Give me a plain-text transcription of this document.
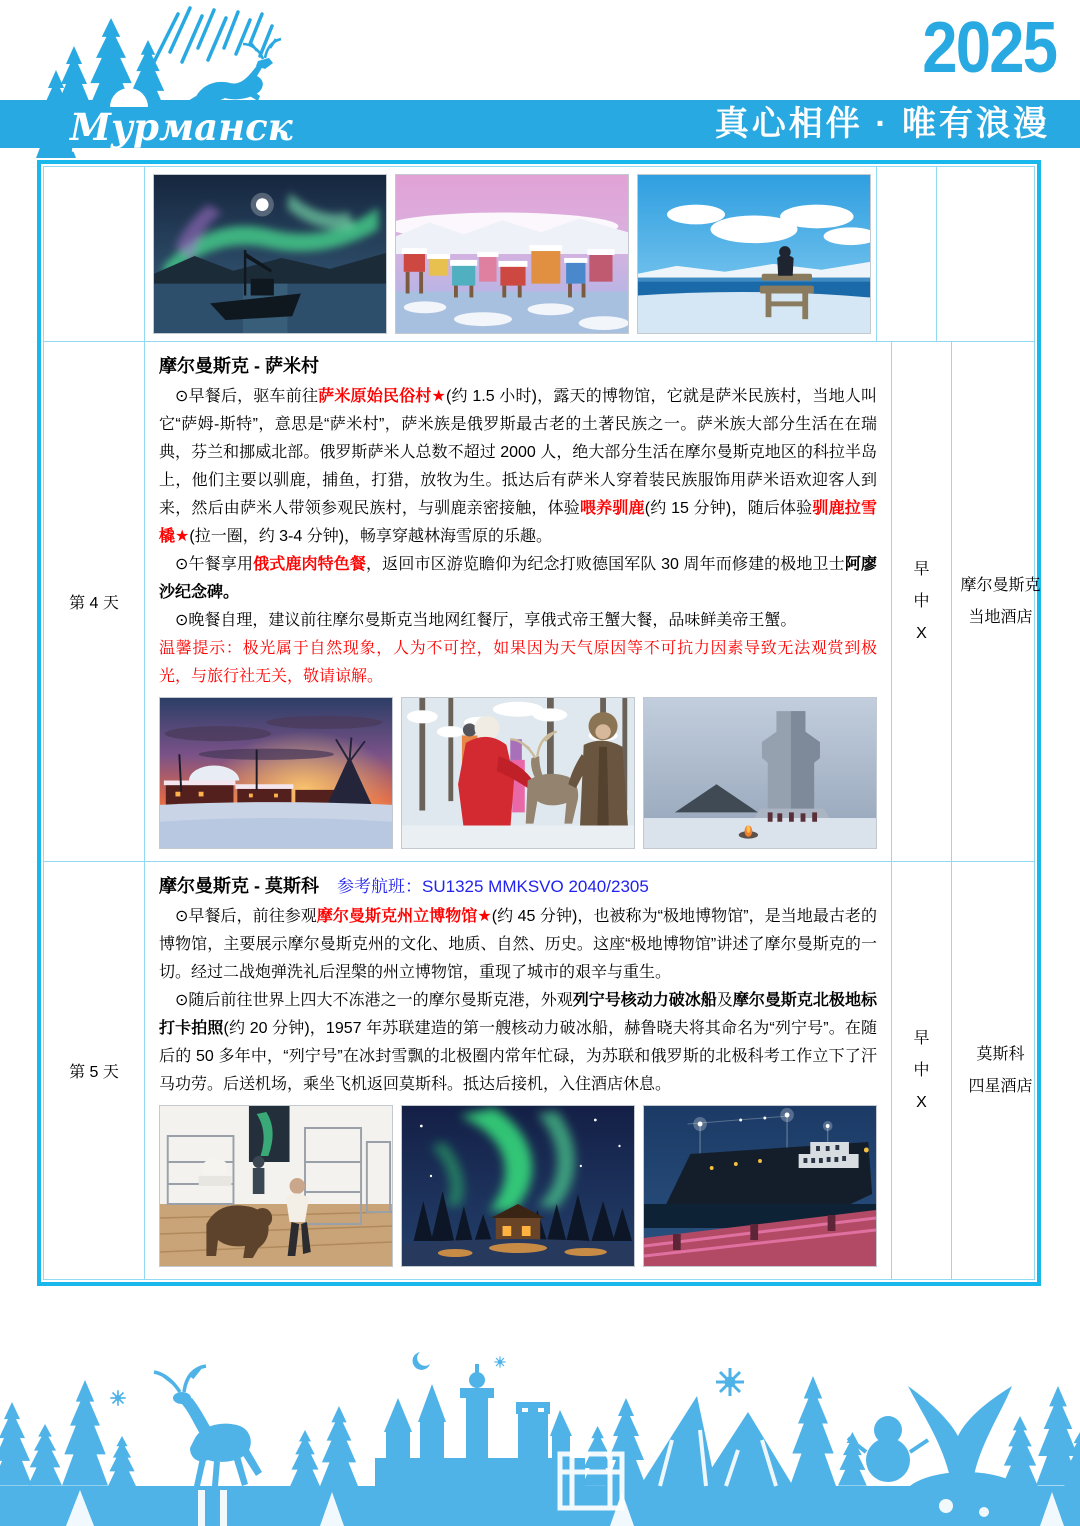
真心相伴 · 唯有浪漫
2025
Мурманск
第 4 天
摩尔曼斯克 - 萨米村

⊙早餐后，驱车前往萨米原始民俗村★(约 1.5 小时)，露天的博物馆，它就是萨米民族村，当地人叫它“萨姆-斯特”，意思是“萨米村”，萨米族是俄罗斯最古老的土著民族之一。萨米族大部分生活在在瑞典，芬兰和挪威北部。俄罗斯萨米人总数不超过 2000 人，绝大部分生活在摩尔曼斯克地区的科拉半岛上，他们主要以驯鹿，捕鱼，打猎，放牧为生。抵达后有萨米人穿着装民族服饰用萨米语欢迎客人到来，然后由萨米人带领参观民族村，与驯鹿亲密接触，体验喂养驯鹿(约 15 分钟)，随后体验驯鹿拉雪橇★(拉一圈，约 3-4 分钟)，畅享穿越林海雪原的乐趣。

⊙午餐享用俄式鹿肉特色餐，返回市区游览瞻仰为纪念打败德国军队 30 周年而修建的极地卫士阿廖沙纪念碑。

⊙晚餐自理，建议前往摩尔曼斯克当地网红餐厅，享俄式帝王蟹大餐，品味鲜美帝王蟹。

温馨提示：极光属于自然现象，人为不可控，如果因为天气原因等不可抗力因素导致无法观赏到极光，与旅行社无关，敬请谅解。

早
中
X
摩尔曼斯克
当地酒店
第 5 天
摩尔曼斯克 - 莫斯科 参考航班：SU1325 MMKSVO 2040/2305

⊙早餐后，前往参观摩尔曼斯克州立博物馆★(约 45 分钟)，也被称为“极地博物馆”，是当地最古老的博物馆，主要展示摩尔曼斯克州的文化、地质、自然、历史。这座“极地博物馆”讲述了摩尔曼斯克的一切。经过二战炮弹洗礼后涅槃的州立博物馆，重现了城市的艰辛与重生。

⊙随后前往世界上四大不冻港之一的摩尔曼斯克港，外观列宁号核动力破冰船及摩尔曼斯克北极地标打卡拍照(约 20 分钟)，1957 年苏联建造的第一艘核动力破冰船，赫鲁晓夫将其命名为“列宁号”。在随后的 50 多年中，“列宁号”在冰封雪飘的北极圈内常年忙碌，为苏联和俄罗斯的北极科考工作立下了汗马功劳。后送机场，乘坐飞机返回莫斯科。抵达后接机，入住酒店休息。

早
中
X
莫斯科
四星酒店
